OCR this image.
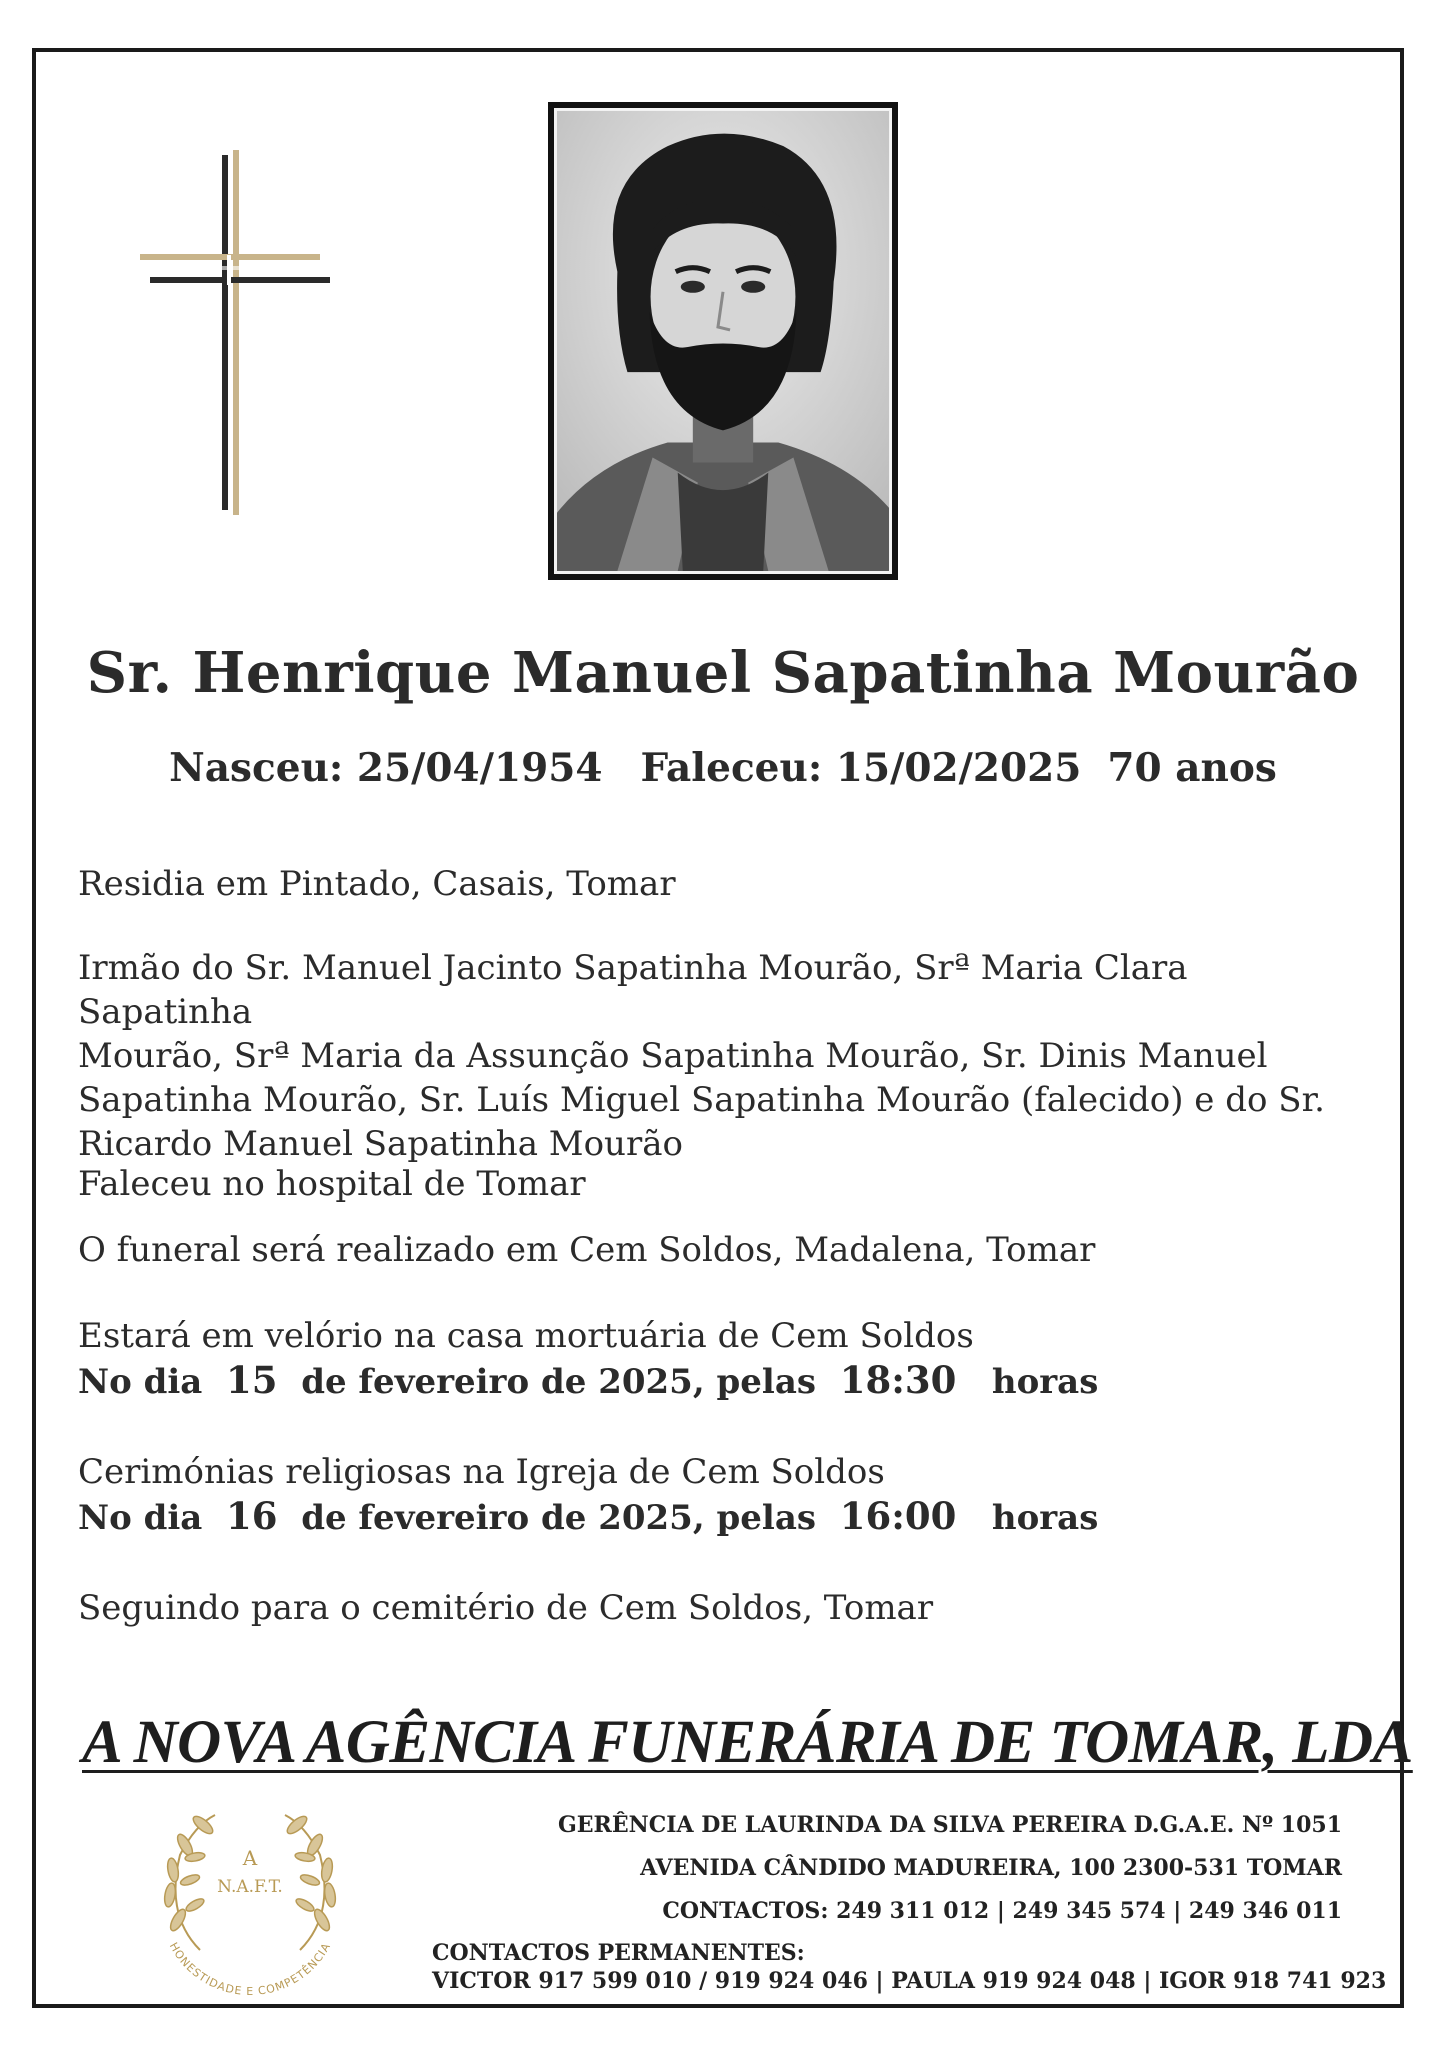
Sr. Henrique Manuel Sapatinha Mourão
Nasceu: 25/04/1954 Faleceu: 15/02/2025 70 anos
Residia em Pintado, Casais, Tomar
Irmão do Sr. Manuel Jacinto Sapatinha Mourão, Srª Maria Clara Sapatinha
Mourão, Srª Maria da Assunção Sapatinha Mourão, Sr. Dinis Manuel
Sapatinha Mourão, Sr. Luís Miguel Sapatinha Mourão (falecido) e do Sr.
Ricardo Manuel Sapatinha Mourão
Faleceu no hospital de Tomar
O funeral será realizado em Cem Soldos, Madalena, Tomar
Estará em velório na casa mortuária de Cem Soldos
No dia 15 de fevereiro de 2025, pelas 18:30 horas
Cerimónias religiosas na Igreja de Cem Soldos
No dia 16 de fevereiro de 2025, pelas 16:00 horas
Seguindo para o cemitério de Cem Soldos, Tomar
A NOVA AGÊNCIA FUNERÁRIA DE TOMAR, LDA
A
N.A.F.T.
HONESTIDADE E COMPETÊNCIA
GERÊNCIA DE LAURINDA DA SILVA PEREIRA D.G.A.E. Nº 1051
AVENIDA CÂNDIDO MADUREIRA, 100 2300-531 TOMAR
CONTACTOS: 249 311 012 | 249 345 574 | 249 346 011
CONTACTOS PERMANENTES:
VICTOR 917 599 010 / 919 924 046 | PAULA 919 924 048 | IGOR 918 741 923
